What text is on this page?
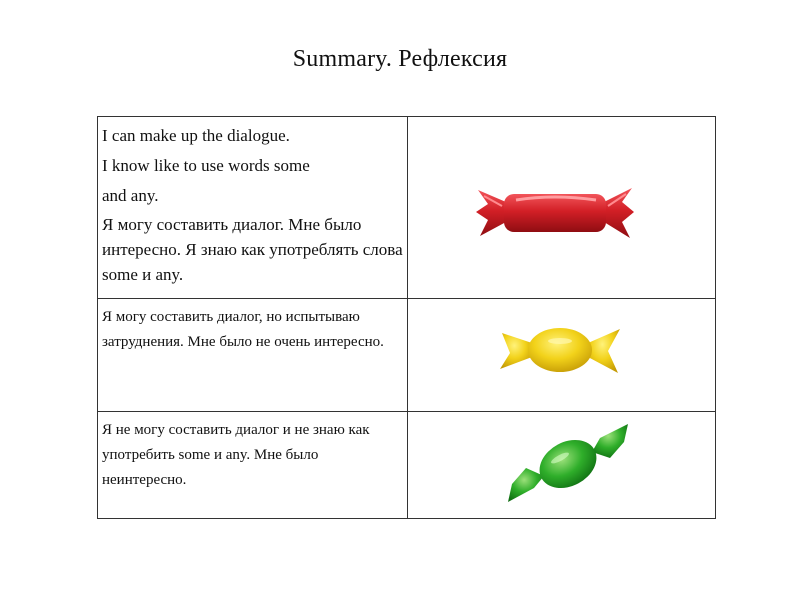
Summary. Рефлексия
I can make up the dialogue.
I know like to use words some
and any.
Я могу составить диалог. Мне было интересно. Я знаю как употреблять слова some и any.

Я могу составить диалог, но испытываю затруднения. Мне было не очень интересно.

Я не могу составить диалог и не знаю как употребить some и any. Мне было неинтересно.
